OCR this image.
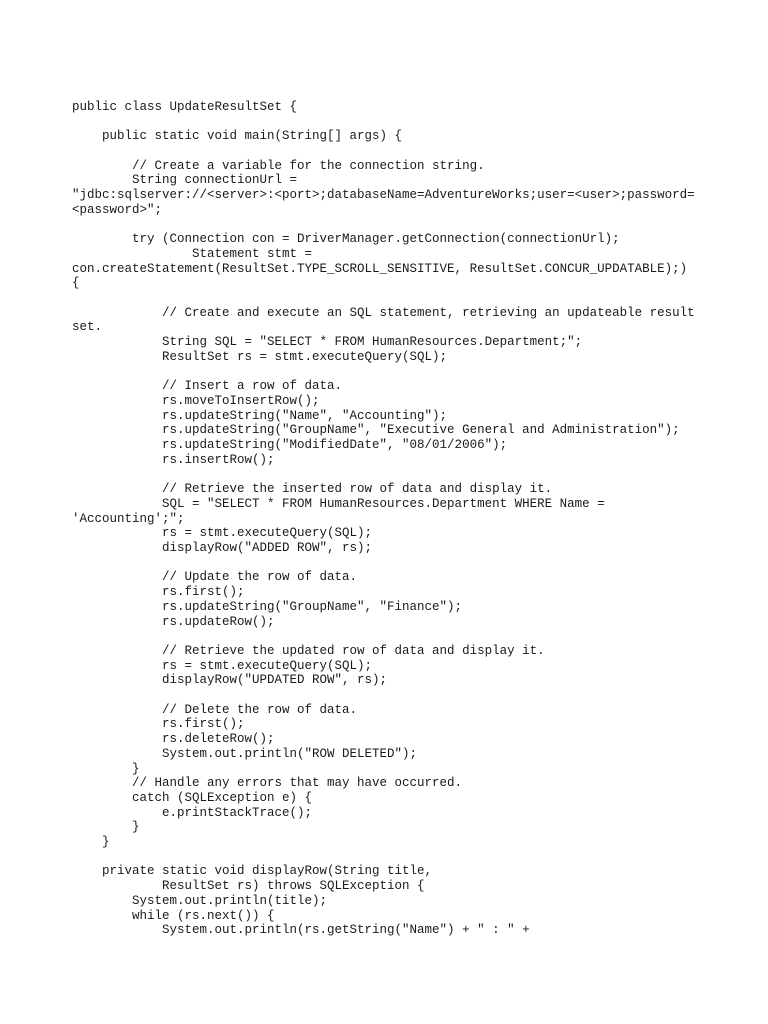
public class UpdateResultSet {
public static void main(String[] args) {
// Create a variable for the connection string.
String connectionUrl =
"jdbc:sqlserver://<server>:<port>;databaseName=AdventureWorks;user=<user>;password=
<password>";
try (Connection con = DriverManager.getConnection(connectionUrl);
Statement stmt =
con.createStatement(ResultSet.TYPE_SCROLL_SENSITIVE, ResultSet.CONCUR_UPDATABLE);)
{
// Create and execute an SQL statement, retrieving an updateable result
set.
String SQL = "SELECT * FROM HumanResources.Department;";
ResultSet rs = stmt.executeQuery(SQL);
// Insert a row of data.
rs.moveToInsertRow();
rs.updateString("Name", "Accounting");
rs.updateString("GroupName", "Executive General and Administration");
rs.updateString("ModifiedDate", "08/01/2006");
rs.insertRow();
// Retrieve the inserted row of data and display it.
SQL = "SELECT * FROM HumanResources.Department WHERE Name =
'Accounting';";
rs = stmt.executeQuery(SQL);
displayRow("ADDED ROW", rs);
// Update the row of data.
rs.first();
rs.updateString("GroupName", "Finance");
rs.updateRow();
// Retrieve the updated row of data and display it.
rs = stmt.executeQuery(SQL);
displayRow("UPDATED ROW", rs);
// Delete the row of data.
rs.first();
rs.deleteRow();
System.out.println("ROW DELETED");
}
// Handle any errors that may have occurred.
catch (SQLException e) {
e.printStackTrace();
}
}
private static void displayRow(String title,
ResultSet rs) throws SQLException {
System.out.println(title);
while (rs.next()) {
System.out.println(rs.getString("Name") + " : " +
